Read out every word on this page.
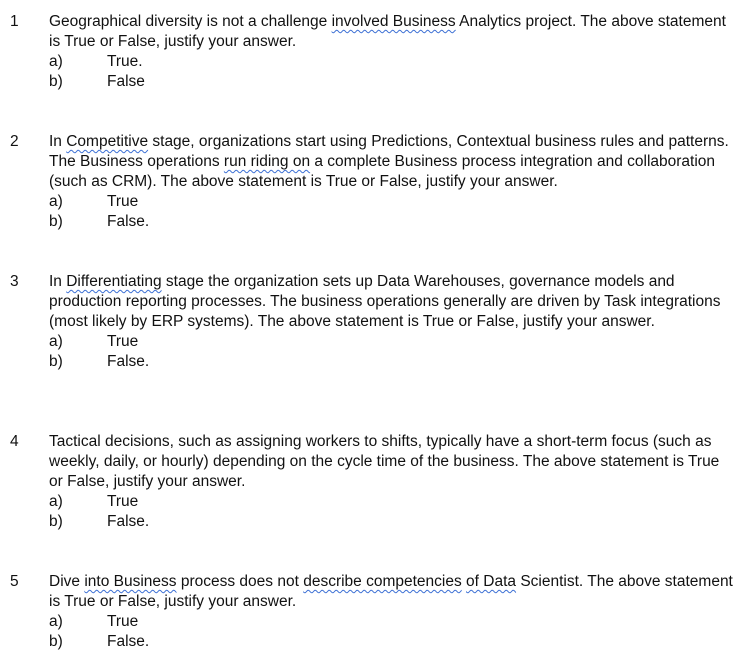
1 Geographical diversity is not a challenge involved Business Analytics project. The above statement is True or False, justify your answer.
a)	True.
b)	False
2 In Competitive stage, organizations start using Predictions, Contextual business rules and patterns. The Business operations run riding on a complete Business process integration and collaboration (such as CRM). The above statement is True or False, justify your answer.
a)	True
b)	False.
3 In Differentiating stage the organization sets up Data Warehouses, governance models and production reporting processes. The business operations generally are driven by Task integrations (most likely by ERP systems). The above statement is True or False, justify your answer.
a)	True
b)	False.
4 Tactical decisions, such as assigning workers to shifts, typically have a short-term focus (such as weekly, daily, or hourly) depending on the cycle time of the business. The above statement is True or False, justify your answer.
a)	True
b)	False.
5 Dive into Business process does not describe competencies of Data Scientist. The above statement is True or False, justify your answer.
a)	True
b)	False.
